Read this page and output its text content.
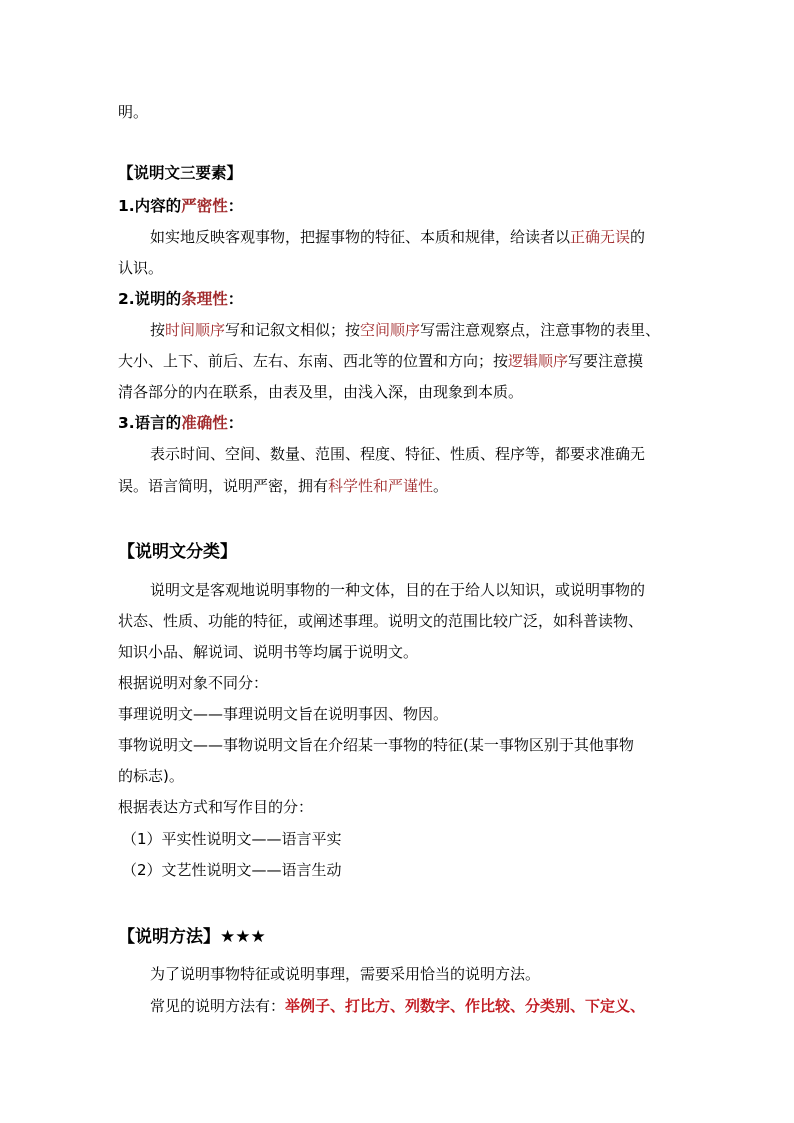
明。
【说明文三要素】
1.内容的严密性：
如实地反映客观事物，把握事物的特征、本质和规律，给读者以正确无误的
认识。
2.说明的条理性：
按时间顺序写和记叙文相似；按空间顺序写需注意观察点，注意事物的表里、
大小、上下、前后、左右、东南、西北等的位置和方向；按逻辑顺序写要注意摸
清各部分的内在联系，由表及里，由浅入深，由现象到本质。
3.语言的准确性：
表示时间、空间、数量、范围、程度、特征、性质、程序等，都要求准确无
误。语言简明，说明严密，拥有科学性和严谨性。
【说明文分类】
说明文是客观地说明事物的一种文体，目的在于给人以知识，或说明事物的
状态、性质、功能的特征，或阐述事理。说明文的范围比较广泛，如科普读物、
知识小品、解说词、说明书等均属于说明文。
根据说明对象不同分：
事理说明文——事理说明文旨在说明事因、物因。
事物说明文——事物说明文旨在介绍某一事物的特征(某一事物区别于其他事物
的标志)。
根据表达方式和写作目的分：
（1）平实性说明文——语言平实
（2）文艺性说明文——语言生动
【说明方法】★★★
为了说明事物特征或说明事理，需要采用恰当的说明方法。
常见的说明方法有：举例子、打比方、列数字、作比较、分类别、下定义、
